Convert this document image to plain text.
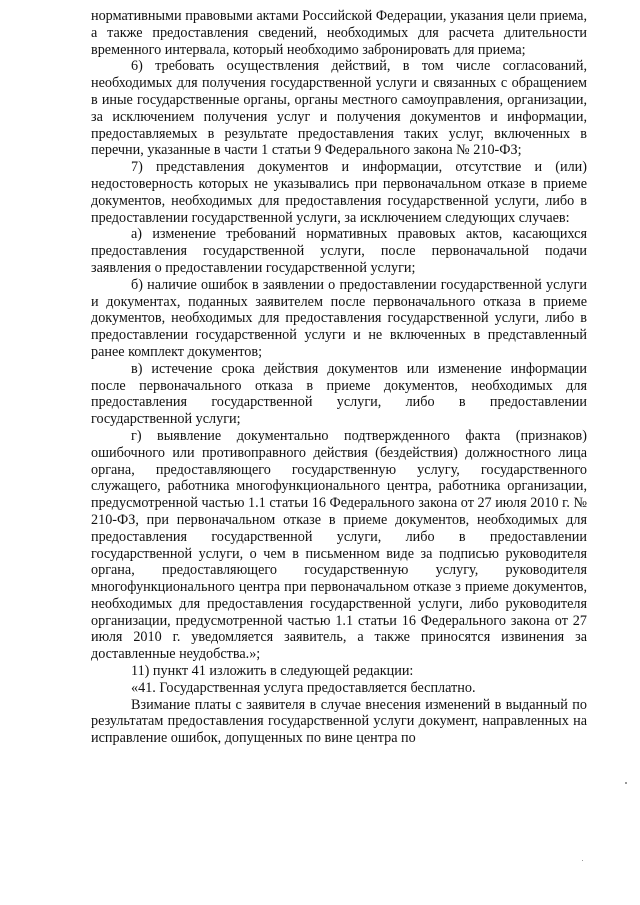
нормативными правовыми актами Российской Федерации, указания цели приема, а также предоставления сведений, необходимых для расчета длительности временного интервала, который необходимо забронировать для приема;

6) требовать осуществления действий, в том числе согласований, необходимых для получения государственной услуги и связанных с обращением в иные государственные органы, органы местного самоуправления, организации, за исключением получения услуг и получения документов и информации, предоставляемых в результате предоставления таких услуг, включенных в перечни, указанные в части 1 статьи 9 Федерального закона № 210-ФЗ;

7) представления документов и информации, отсутствие и (или) недостоверность которых не указывались при первоначальном отказе в приеме документов, необходимых для предоставления государственной услуги, либо в предоставлении государственной услуги, за исключением следующих случаев:

а) изменение требований нормативных правовых актов, касающихся предоставления государственной услуги, после первоначальной подачи заявления о предоставлении государственной услуги;

б) наличие ошибок в заявлении о предоставлении государственной услуги и документах, поданных заявителем после первоначального отказа в приеме документов, необходимых для предоставления государственной услуги, либо в предоставлении государственной услуги и не включенных в представленный ранее комплект документов;

в) истечение срока действия документов или изменение информации после первоначального отказа в приеме документов, необходимых для предоставления государственной услуги, либо в предоставлении государственной услуги;

г) выявление документально подтвержденного факта (признаков) ошибочного или противоправного действия (бездействия) должностного лица органа, предоставляющего государственную услугу, государственного служащего, работника многофункционального центра, работника организации, предусмотренной частью 1.1 статьи 16 Федерального закона от 27 июля 2010 г. № 210-ФЗ, при первоначальном отказе в приеме документов, необходимых для предоставления государственной услуги, либо в предоставлении государственной услуги, о чем в письменном виде за подписью руководителя органа, предоставляющего государственную услугу, руководителя многофункционального центра при первоначальном отказе з приеме документов, необходимых для предоставления государственной услуги, либо руководителя организации, предусмотренной частью 1.1 статьи 16 Федерального закона от 27 июля 2010 г. уведомляется заявитель, а также приносятся извинения за доставленные неудобства.»;

11) пункт 41 изложить в следующей редакции:

«41. Государственная услуга предоставляется бесплатно.

Взимание платы с заявителя в случае внесения изменений в выданный по результатам предоставления государственной услуги документ, направленных на исправление ошибок, допущенных по вине центра по
